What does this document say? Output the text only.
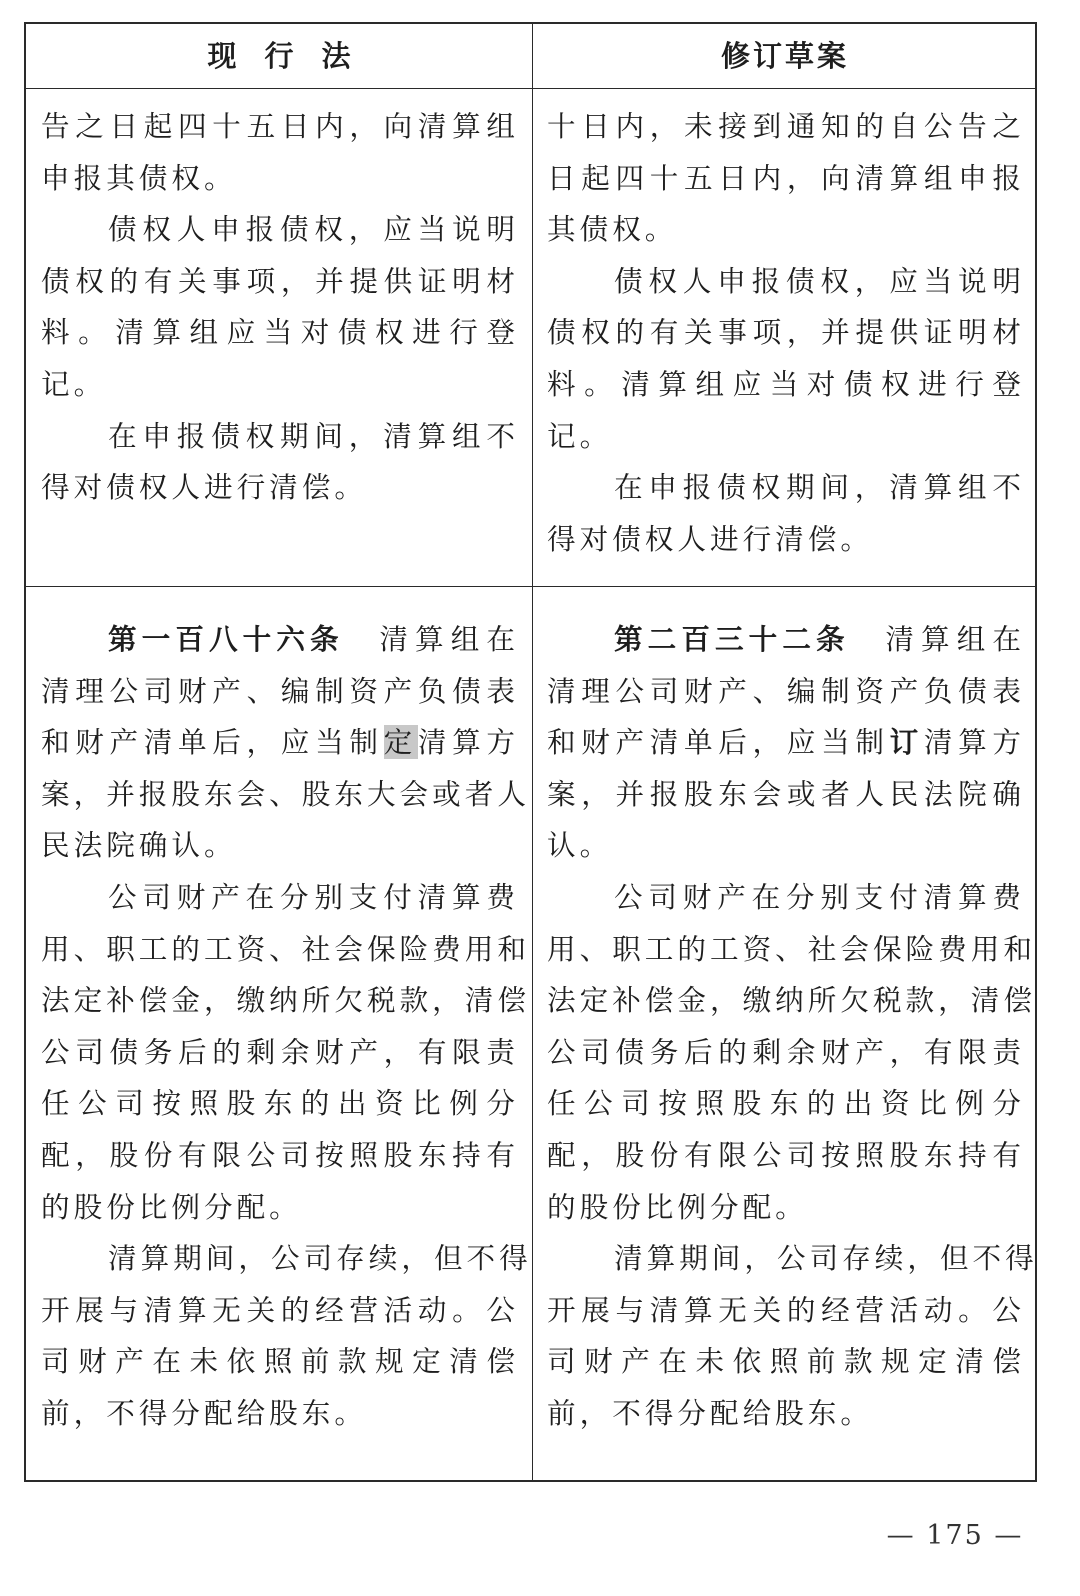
现行法	修订草案

告之日起四十五日内，向清算组

申报其债权。

债权人申报债权，应当说明

债权的有关事项，并提供证明材

料。清算组应当对债权进行登

记。

在申报债权期间，清算组不

得对债权人进行清偿。

十日内，未接到通知的自公告之

日起四十五日内，向清算组申报

其债权。

债权人申报债权，应当说明

债权的有关事项，并提供证明材

料。清算组应当对债权进行登

记。

在申报债权期间，清算组不

得对债权人进行清偿。

第一百八十六条　 清算组在

清理公司财产、编制资产负债表

和财产清单后，应当制定清算方

案，并报股东会、股东大会或者人

民法院确认。

公司财产在分别支付清算费

用、职工的工资、社会保险费用和

法定补偿金，缴纳所欠税款，清偿

公司债务后的剩余财产，有限责

任公司按照股东的出资比例分

配，股份有限公司按照股东持有

的股份比例分配。

清算期间，公司存续，但不得

开展与清算无关的经营活动。公

司财产在未依照前款规定清偿

前，不得分配给股东。

第二百三十二条　 清算组在

清理公司财产、编制资产负债表

和财产清单后，应当制订清算方

案，并报股东会或者人民法院确

认。

公司财产在分别支付清算费

用、职工的工资、社会保险费用和

法定补偿金，缴纳所欠税款，清偿

公司债务后的剩余财产，有限责

任公司按照股东的出资比例分

配，股份有限公司按照股东持有

的股份比例分配。

清算期间，公司存续，但不得

开展与清算无关的经营活动。公

司财产在未依照前款规定清偿

前，不得分配给股东。

— 175 —
